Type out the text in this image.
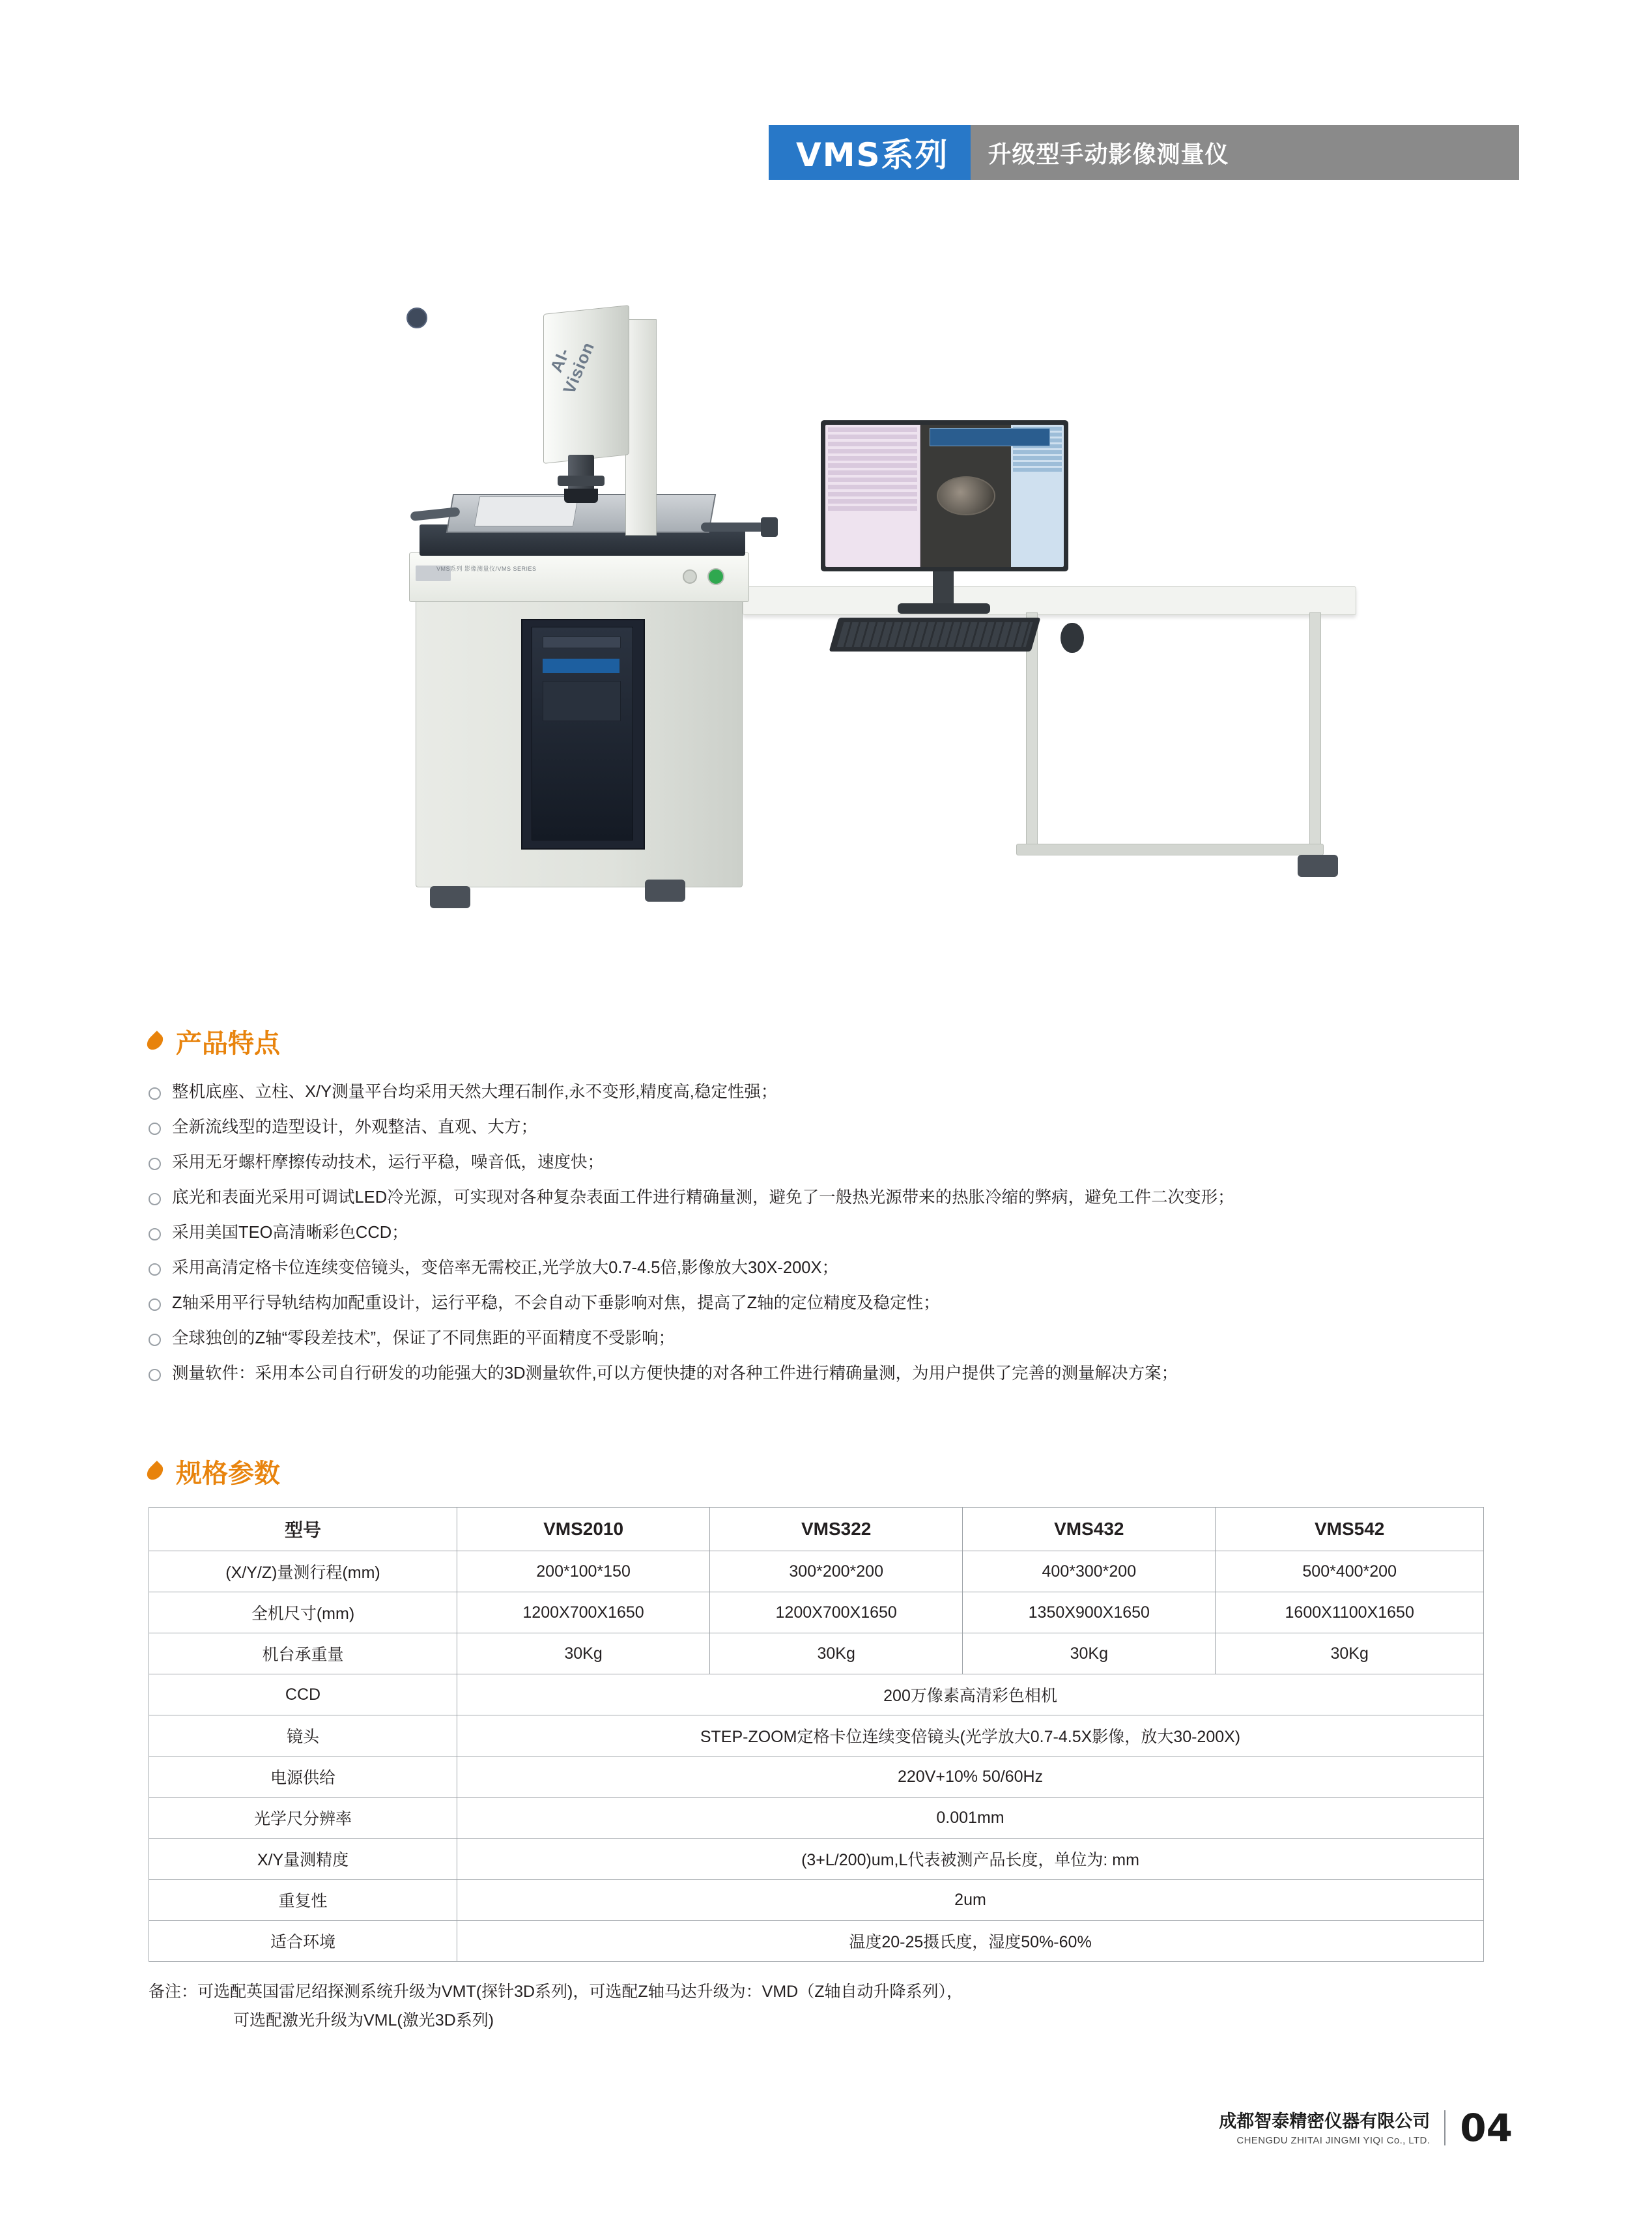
VMS系列	升级型手动影像测量仪
VMS系列 影像测量仪/VMS SERIES
AI-Vision
产品特点
整机底座、立柱、X/Y测量平台均采用天然大理石制作,永不变形,精度高,稳定性强；
全新流线型的造型设计，外观整洁、直观、大方；
采用无牙螺杆摩擦传动技术，运行平稳，噪音低，速度快；
底光和表面光采用可调试LED冷光源，可实现对各种复杂表面工件进行精确量测，避免了一般热光源带来的热胀冷缩的弊病，避免工件二次变形；
采用美国TEO高清晰彩色CCD；
采用高清定格卡位连续变倍镜头，变倍率无需校正,光学放大0.7-4.5倍,影像放大30X-200X；
Z轴采用平行导轨结构加配重设计，运行平稳，不会自动下垂影响对焦，提高了Z轴的定位精度及稳定性；
全球独创的Z轴“零段差技术”，保证了不同焦距的平面精度不受影响；
测量软件：采用本公司自行研发的功能强大的3D测量软件,可以方便快捷的对各种工件进行精确量测，为用户提供了完善的测量解决方案；
规格参数
型号	VMS2010	VMS322	VMS432	VMS542
(X/Y/Z)量测行程(mm)	200*100*150	300*200*200	400*300*200	500*400*200
全机尺寸(mm)	1200X700X1650	1200X700X1650	1350X900X1650	1600X1100X1650
机台承重量	30Kg	30Kg	30Kg	30Kg
CCD	200万像素高清彩色相机			
镜头	STEP-ZOOM定格卡位连续变倍镜头(光学放大0.7-4.5X影像，放大30-200X)			
电源供给	220V+10% 50/60Hz			
光学尺分辨率	0.001mm			
X/Y量测精度	(3+L/200)um,L代表被测产品长度，单位为: mm			
重复性	2um			
适合环境	温度20-25摄氏度，湿度50%-60%			
备注：可选配英国雷尼绍探测系统升级为VMT(探针3D系列)，可选配Z轴马达升级为：VMD（Z轴自动升降系列），
可选配激光升级为VML(激光3D系列)
成都智泰精密仪器有限公司
CHENGDU ZHITAI JINGMI YIQI Co., LTD. 04
